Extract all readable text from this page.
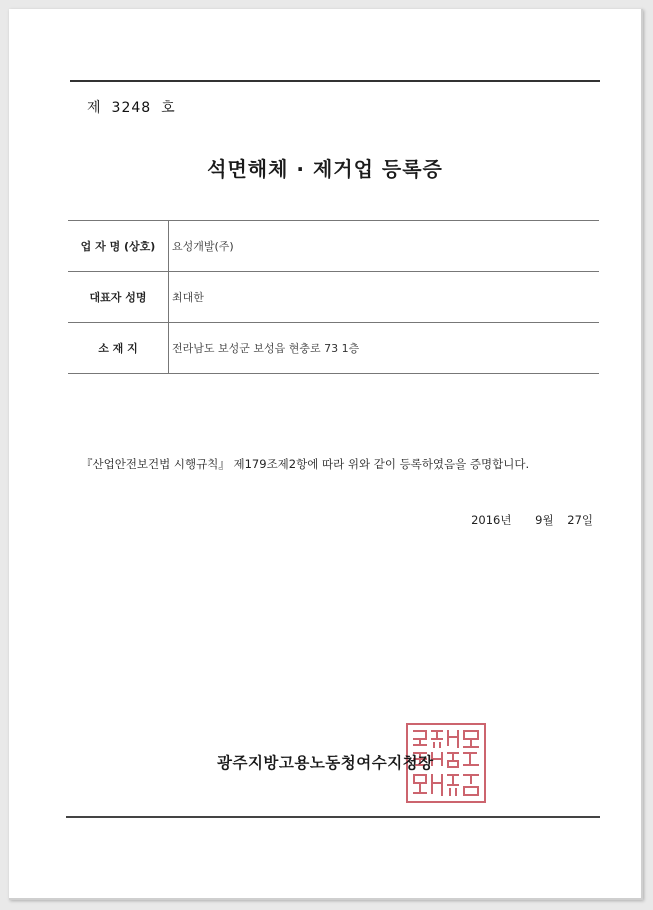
제 3248 호
석면해체 · 제거업 등록증
업 자 명 (상호)	요성개발(주)
대표자 성명	최대한
소 재 지	전라남도 보성군 보성읍 현충로 73 1층
『산업안전보건법 시행규칙』 제179조제2항에 따라 위와 같이 등록하였음을 증명합니다.
2016년 9월 27일
광주지방고용노동청여수지청장
